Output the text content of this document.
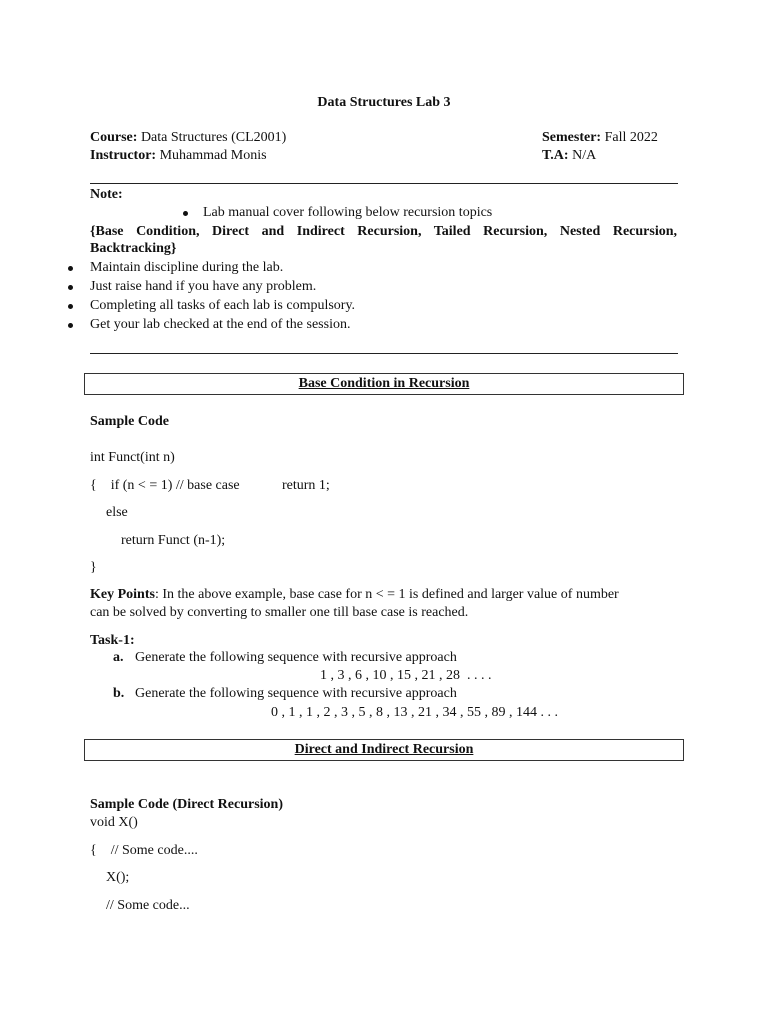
Data Structures Lab 3
Course: Data Structures (CL2001)
Instructor: Muhammad Monis
Semester: Fall 2022
T.A: N/A
Note:
Lab manual cover following below recursion topics
{Base Condition, Direct and Indirect Recursion, Tailed Recursion, Nested Recursion,
Backtracking}
Maintain discipline during the lab.
Just raise hand if you have any problem.
Completing all tasks of each lab is compulsory.
Get your lab checked at the end of the session.
Base Condition in Recursion
Sample Code
int Funct(int n)
{    if (n < = 1) // base case	return 1;
else
return Funct (n-1);
}
Key Points: In the above example, base case for n < = 1 is defined and larger value of number
can be solved by converting to smaller one till base case is reached.
Task-1:
a. Generate the following sequence with recursive approach
1 , 3 , 6 , 10 , 15 , 21 , 28  . . . .
b. Generate the following sequence with recursive approach
0 , 1 , 1 , 2 , 3 , 5 , 8 , 13 , 21 , 34 , 55 , 89 , 144 . . .
Direct and Indirect Recursion
Sample Code (Direct Recursion)
void X()
{    // Some code....
X();
// Some code...
